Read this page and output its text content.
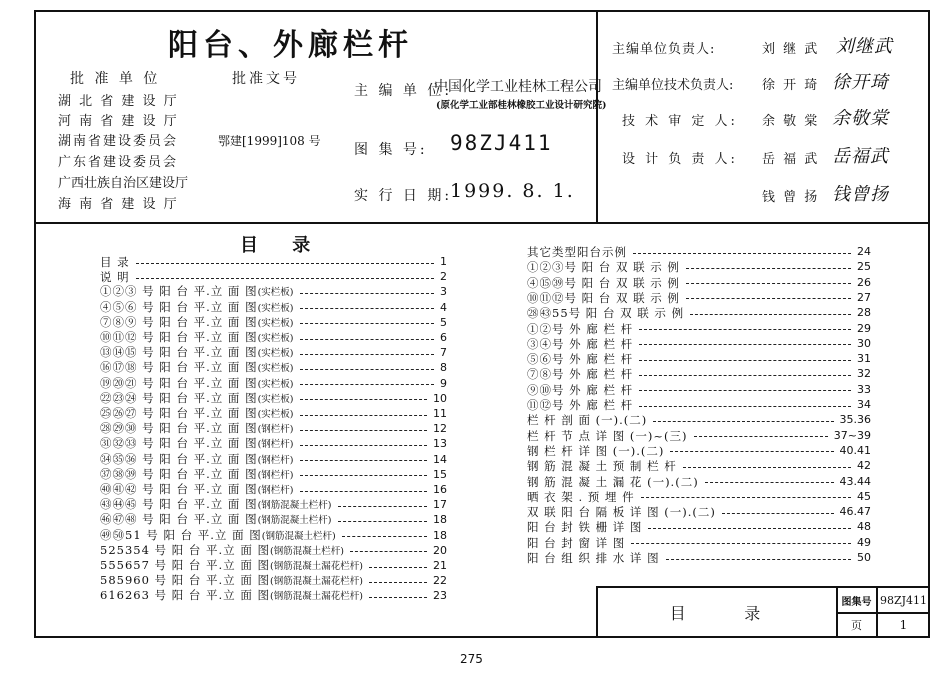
阳台、外廊栏杆
批 准 单 位	批准文号
湖 北 省 建 设 厅
河 南 省 建 设 厅
湖南省建设委员会
广东省建设委员会
广西壮族自治区建设厅
海 南 省 建 设 厅
鄂建[1999]108 号
主 编 单 位:
中国化学工业桂林工程公司
(原化学工业部桂林橡胶工业设计研究院)
图 集 号: 98ZJ411
实 行 日 期:
1999. 8. 1.
主编单位负责人:	刘 继 武 刘继武
主编单位技术负责人: 徐 开 琦 徐开琦
技 术 审 定 人: 余 敬 棠 余敬棠
设 计 负 责 人: 岳 福 武 岳福武
钱 曾 扬 钱曾扬
目 录
目 录	1
说 明	2
①②③ 号 阳 台 平.立 面 图(实栏板)	3
④⑤⑥ 号 阳 台 平.立 面 图(实栏板)	4
⑦⑧⑨ 号 阳 台 平.立 面 图(实栏板)	5
⑩⑪⑫ 号 阳 台 平.立 面 图(实栏板)	6
⑬⑭⑮ 号 阳 台 平.立 面 图(实栏板)	7
⑯⑰⑱ 号 阳 台 平.立 面 图(实栏板)	8
⑲⑳㉑ 号 阳 台 平.立 面 图(实栏板)	9
㉒㉓㉔ 号 阳 台 平.立 面 图(实栏板)	10
㉕㉖㉗ 号 阳 台 平.立 面 图(实栏板)	11
㉘㉙㉚ 号 阳 台 平.立 面 图(钢栏杆)	12
㉛㉜㉝ 号 阳 台 平.立 面 图(钢栏杆)	13
㉞㉟㊱ 号 阳 台 平.立 面 图(钢栏杆)	14
㊲㊳㊴ 号 阳 台 平.立 面 图(钢栏杆)	15
㊵㊶㊷ 号 阳 台 平.立 面 图(钢栏杆)	16
㊸㊹㊺ 号 阳 台 平.立 面 图(钢筋混凝土栏杆)	17
㊻㊼㊽ 号 阳 台 平.立 面 图(钢筋混凝土栏杆)	18
㊾㊿51 号 阳 台 平.立 面 图(钢筋混凝土栏杆)	18
525354 号 阳 台 平.立 面 图(钢筋混凝土栏杆)	20
555657 号 阳 台 平.立 面 图(钢筋混凝土漏花栏杆)	21
585960 号 阳 台 平.立 面 图(钢筋混凝土漏花栏杆)	22
616263 号 阳 台 平.立 面 图(钢筋混凝土漏花栏杆)	23
其它类型阳台示例	24
①②③号 阳 台 双 联 示 例	25
④⑮㊴号 阳 台 双 联 示 例	26
⑩⑪⑫号 阳 台 双 联 示 例	27
㉘㊸55号 阳 台 双 联 示 例	28
①②号 外 廊 栏 杆	29
③④号 外 廊 栏 杆	30
⑤⑥号 外 廊 栏 杆	31
⑦⑧号 外 廊 栏 杆	32
⑨⑩号 外 廊 栏 杆	33
⑪⑫号 外 廊 栏 杆	34
栏 杆 剖 面 (一).(二)	35.36
栏 杆 节 点 详 图 (一)~(三)	37~39
钢 栏 杆 详 图 (一).(二)	40.41
钢 筋 混 凝 土 预 制 栏 杆	42
钢 筋 混 凝 土 漏 花 (一).(二)	43.44
晒 衣 架 . 预 埋 件	45
双 联 阳 台 隔 板 详 图 (一).(二)	46.47
阳 台 封 铁 栅 详 图	48
阳 台 封 窗 详 图	49
阳 台 组 织 排 水 详 图	50
目      录
图集号 98ZJ411
页	1
275
